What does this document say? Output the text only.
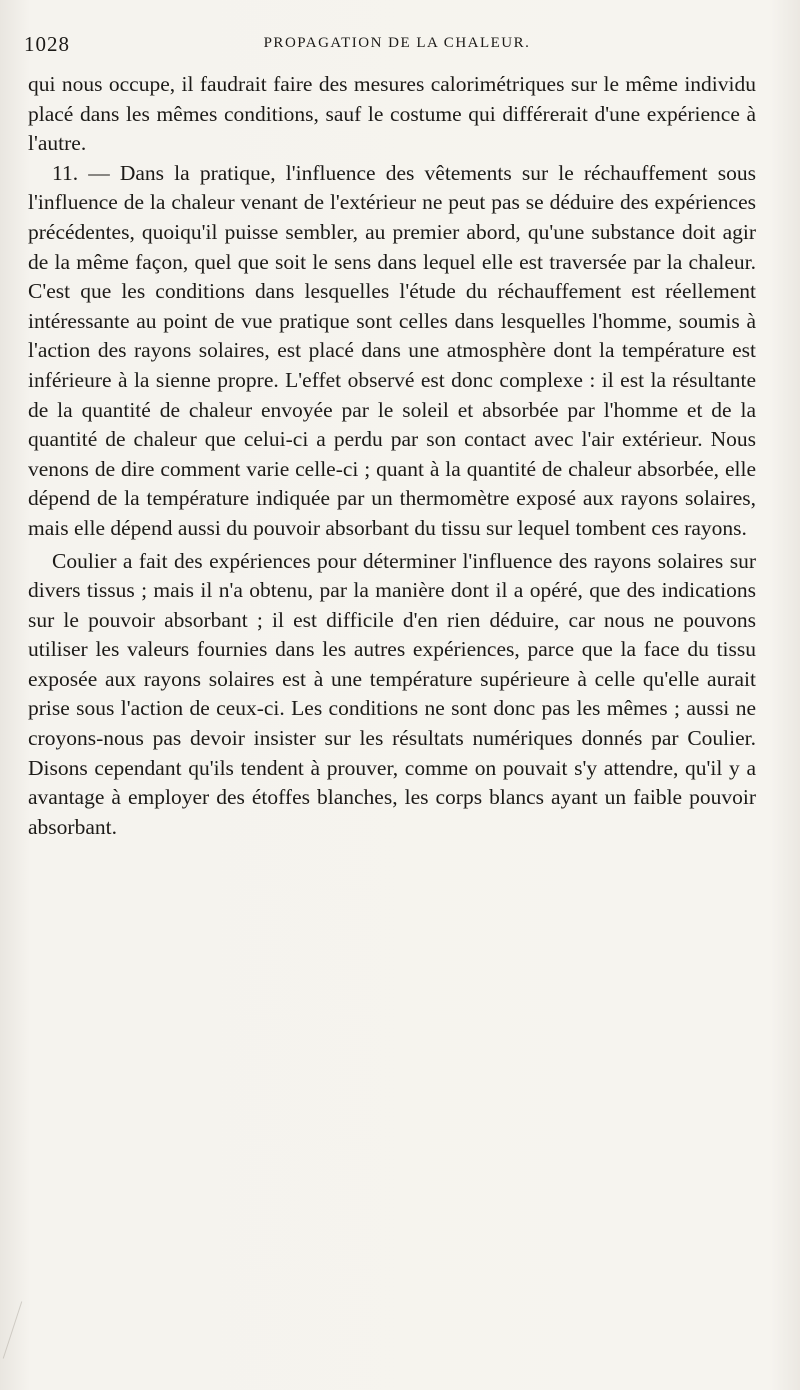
1028	PROPAGATION DE LA CHALEUR.

qui nous occupe, il faudrait faire des mesures calorimétriques sur le même individu placé dans les mêmes conditions, sauf le costume qui différerait d'une expérience à l'autre.

11. — Dans la pratique, l'influence des vêtements sur le réchauffement sous l'influence de la chaleur venant de l'extérieur ne peut pas se déduire des expériences précédentes, quoiqu'il puisse sembler, au premier abord, qu'une substance doit agir de la même façon, quel que soit le sens dans lequel elle est traversée par la chaleur. C'est que les conditions dans lesquelles l'étude du réchauffement est réellement intéressante au point de vue pratique sont celles dans lesquelles l'homme, soumis à l'action des rayons solaires, est placé dans une atmosphère dont la température est inférieure à la sienne propre. L'effet observé est donc complexe : il est la résultante de la quantité de chaleur envoyée par le soleil et absorbée par l'homme et de la quantité de chaleur que celui-ci a perdu par son contact avec l'air extérieur. Nous venons de dire comment varie celle-ci ; quant à la quantité de chaleur absorbée, elle dépend de la température indiquée par un thermomètre exposé aux rayons solaires, mais elle dépend aussi du pouvoir absorbant du tissu sur lequel tombent ces rayons.

Coulier a fait des expériences pour déterminer l'influence des rayons solaires sur divers tissus ; mais il n'a obtenu, par la manière dont il a opéré, que des indications sur le pouvoir absorbant ; il est difficile d'en rien déduire, car nous ne pouvons utiliser les valeurs fournies dans les autres expériences, parce que la face du tissu exposée aux rayons solaires est à une température supérieure à celle qu'elle aurait prise sous l'action de ceux-ci. Les conditions ne sont donc pas les mêmes ; aussi ne croyons-nous pas devoir insister sur les résultats numériques donnés par Coulier. Disons cependant qu'ils tendent à prouver, comme on pouvait s'y attendre, qu'il y a avantage à employer des étoffes blanches, les corps blancs ayant un faible pouvoir absorbant.
